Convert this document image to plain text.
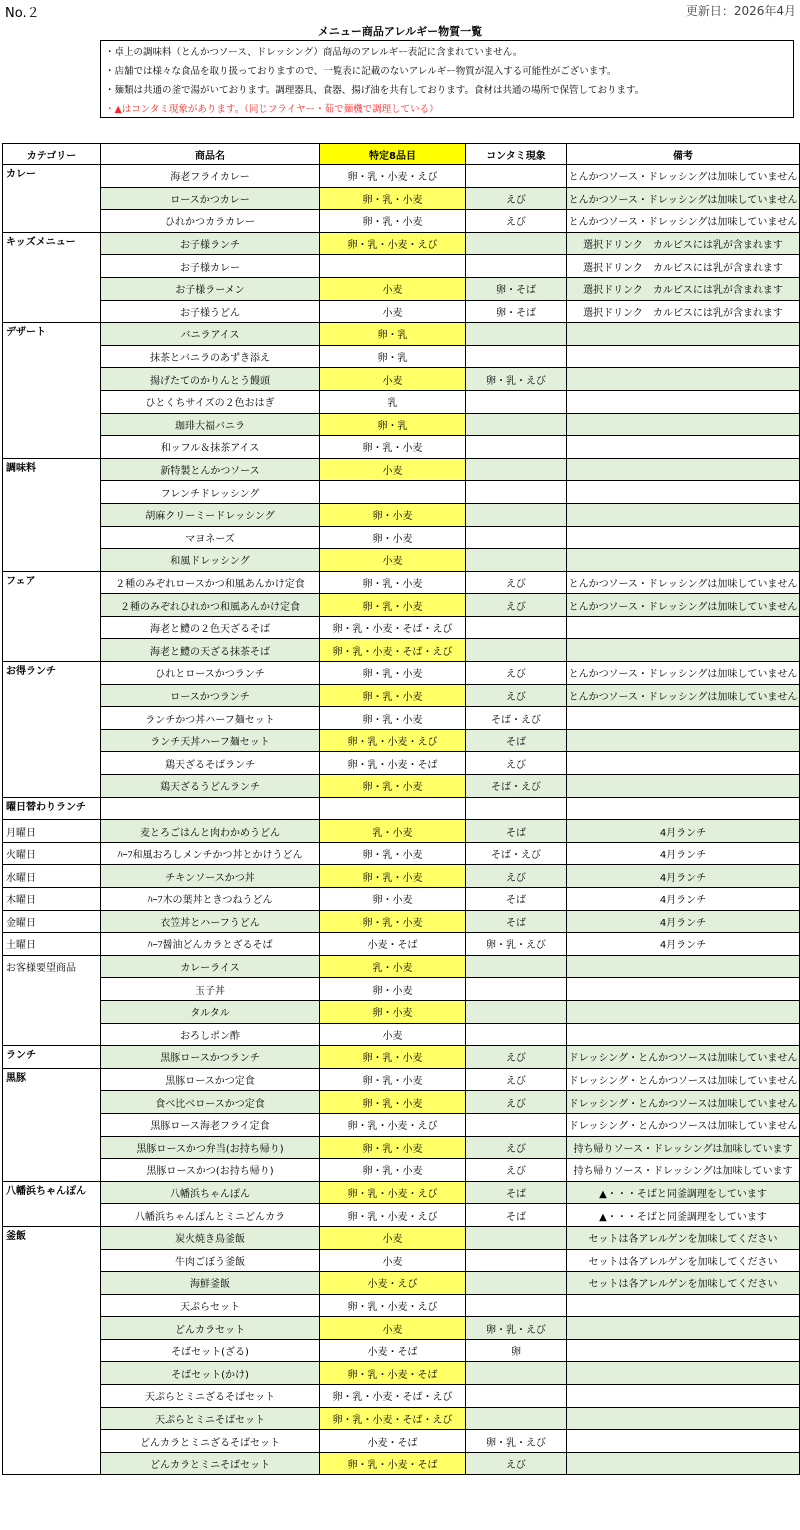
No.２	更新日：2026年4月
メニュー商品アレルギー物質一覧
・卓上の調味料（とんかつソース、ドレッシング）商品毎のアレルギー表記に含まれていません。
・店舗では様々な食品を取り扱っておりますので、一覧表に記載のないアレルギー物質が混入する可能性がございます。
・麺類は共通の釜で湯がいております。調理器具、食器、揚げ油を共有しております。食材は共通の場所で保管しております。
・▲はコンタミ現象があります。（同じフライヤー・茹で麺機で調理している）
カテゴリー	商品名	特定8品目	コンタミ現象	備考
カレー	海老フライカレー	卵・乳・小麦・えび		とんかつソース・ドレッシングは加味していません
	ロースかつカレー	卵・乳・小麦	えび	とんかつソース・ドレッシングは加味していません
	ひれかつカラカレー	卵・乳・小麦	えび	とんかつソース・ドレッシングは加味していません
キッズメニュー	お子様ランチ	卵・乳・小麦・えび		選択ドリンク　カルピスには乳が含まれます
	お子様カレー			選択ドリンク　カルピスには乳が含まれます
	お子様ラーメン	小麦	卵・そば	選択ドリンク　カルピスには乳が含まれます
	お子様うどん	小麦	卵・そば	選択ドリンク　カルピスには乳が含まれます
デザート	バニラアイス	卵・乳		
	抹茶とバニラのあずき添え	卵・乳		
	揚げたてのかりんとう饅頭	小麦	卵・乳・えび	
	ひとくちサイズの２色おはぎ	乳		
	珈琲大福バニラ	卵・乳		
	和ッフル＆抹茶アイス	卵・乳・小麦		
調味料	新特製とんかつソース	小麦		
	フレンチドレッシング			
	胡麻クリーミードレッシング	卵・小麦		
	マヨネーズ	卵・小麦		
	和風ドレッシング	小麦		
フェア	２種のみぞれロースかつ和風あんかけ定食	卵・乳・小麦	えび	とんかつソース・ドレッシングは加味していません
	２種のみぞれひれかつ和風あんかけ定食	卵・乳・小麦	えび	とんかつソース・ドレッシングは加味していません
	海老と鱧の２色天ざるそば	卵・乳・小麦・そば・えび		
	海老と鱧の天ざる抹茶そば	卵・乳・小麦・そば・えび		
お得ランチ	ひれとロースかつランチ	卵・乳・小麦	えび	とんかつソース・ドレッシングは加味していません
	ロースかつランチ	卵・乳・小麦	えび	とんかつソース・ドレッシングは加味していません
	ランチかつ丼ハーフ麺セット	卵・乳・小麦	そば・えび	
	ランチ天丼ハーフ麺セット	卵・乳・小麦・えび	そば	
	鶏天ざるそばランチ	卵・乳・小麦・そば	えび	
	鶏天ざるうどんランチ	卵・乳・小麦	そば・えび	
曜日替わりランチ				
月曜日	麦とろごはんと肉わかめうどん	乳・小麦	そば	4月ランチ
火曜日	ﾊｰﾌ和風おろしメンチかつ丼とかけうどん	卵・乳・小麦	そば・えび	4月ランチ
水曜日	チキンソースかつ丼	卵・乳・小麦	えび	4月ランチ
木曜日	ﾊｰﾌ木の葉丼ときつねうどん	卵・小麦	そば	4月ランチ
金曜日	衣笠丼とハーフうどん	卵・乳・小麦	そば	4月ランチ
土曜日	ﾊｰﾌ醤油どんカラとざるそば	小麦・そば	卵・乳・えび	4月ランチ
お客様要望商品	カレーライス	乳・小麦		
	玉子丼	卵・小麦		
	タルタル	卵・小麦		
	おろしポン酢	小麦		
ランチ	黒豚ロースかつランチ	卵・乳・小麦	えび	ドレッシング・とんかつソースは加味していません
黒豚	黒豚ロースかつ定食	卵・乳・小麦	えび	ドレッシング・とんかつソースは加味していません
	食べ比べロースかつ定食	卵・乳・小麦	えび	ドレッシング・とんかつソースは加味していません
	黒豚ロース海老フライ定食	卵・乳・小麦・えび		ドレッシング・とんかつソースは加味していません
	黒豚ロースかつ弁当(お持ち帰り)	卵・乳・小麦	えび	持ち帰りソース・ドレッシングは加味しています
	黒豚ロースかつ(お持ち帰り)	卵・乳・小麦	えび	持ち帰りソース・ドレッシングは加味しています
八幡浜ちゃんぽん	八幡浜ちゃんぽん	卵・乳・小麦・えび	そば	▲・・・そばと同釜調理をしています
	八幡浜ちゃんぽんとミニどんカラ	卵・乳・小麦・えび	そば	▲・・・そばと同釜調理をしています
釜飯	炭火焼き鳥釜飯	小麦		セットは各アレルゲンを加味してください
	牛肉ごぼう釜飯	小麦		セットは各アレルゲンを加味してください
	海鮮釜飯	小麦・えび		セットは各アレルゲンを加味してください
	天ぷらセット	卵・乳・小麦・えび		
	どんカラセット	小麦	卵・乳・えび	
	そばセット(ざる)	小麦・そば	卵	
	そばセット(かけ)	卵・乳・小麦・そば		
	天ぷらとミニざるそばセット	卵・乳・小麦・そば・えび		
	天ぷらとミニそばセット	卵・乳・小麦・そば・えび		
	どんカラとミニざるそばセット	小麦・そば	卵・乳・えび	
	どんカラとミニそばセット	卵・乳・小麦・そば	えび	
